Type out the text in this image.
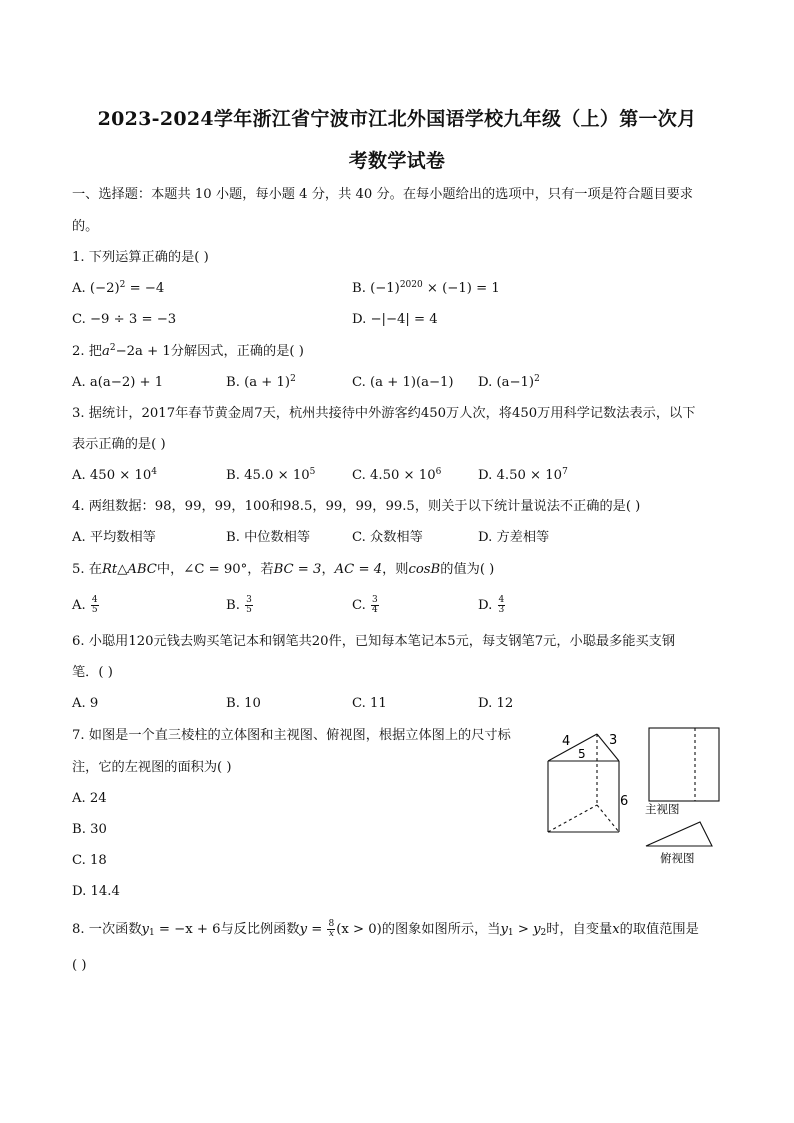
2023-2024学年浙江省宁波市江北外国语学校九年级（上）第一次月
考数学试卷
一、选择题：本题共 10 小题，每小题 4 分，共 40 分。在每小题给出的选项中，只有一项是符合题目要求
的。
1. 下列运算正确的是( )
A. $(-2)^2 = -4$	B. $(-1)^{2020} \times (-1) = 1$
C. −9 ÷ 3 = −3	D. −|−4| = 4
2. 把$a^2-2a + 1$分解因式，正确的是( )
A. a(a−2) + 1	B. $(a + 1)^2$	C. (a + 1)(a−1) D. $(a-1)^2$
3. 据统计，2017年春节黄金周7天，杭州共接待中外游客约450万人次，将450万用科学记数法表示，以下
表示正确的是( )
A. $450 \times 10^4$	B. $45.0 \times 10^5$	C. $4.50 \times 10^6$	D. $4.50 \times 10^7$
4. 两组数据：98，99，99，100和98.5，99，99，99.5，则关于以下统计量说法不正确的是( )
A. 平均数相等	B. 中位数相等	C. 众数相等	D. 方差相等
5. 在Rt△ABC中，∠C = 90°，若BC = 3，AC = 4，则cosB的值为( )
A. $\frac{4}{5}$	B. $\frac{3}{5}$	C. $\frac{3}{4}$	D. $\frac{4}{3}$
6. 小聪用120元钱去购买笔记本和钢笔共20件，已知每本笔记本5元，每支钢笔7元，小聪最多能买支钢
笔．( )
A. 9	B. 10	C. 11	D. 12
7. 如图是一个直三棱柱的立体图和主视图、俯视图，根据立体图上的尺寸标
注，它的左视图的面积为( )
A. 24
B. 30
C. 18
D. 14.4
4
5
3
6 主视图
俯视图
8. 一次函数$y_1 = -x + 6$与反比例函数$y = \frac{8}{x} (x > 0)$的图象如图所示，当$y_1 > y_2$时，自变量x的取值范围是
( )
